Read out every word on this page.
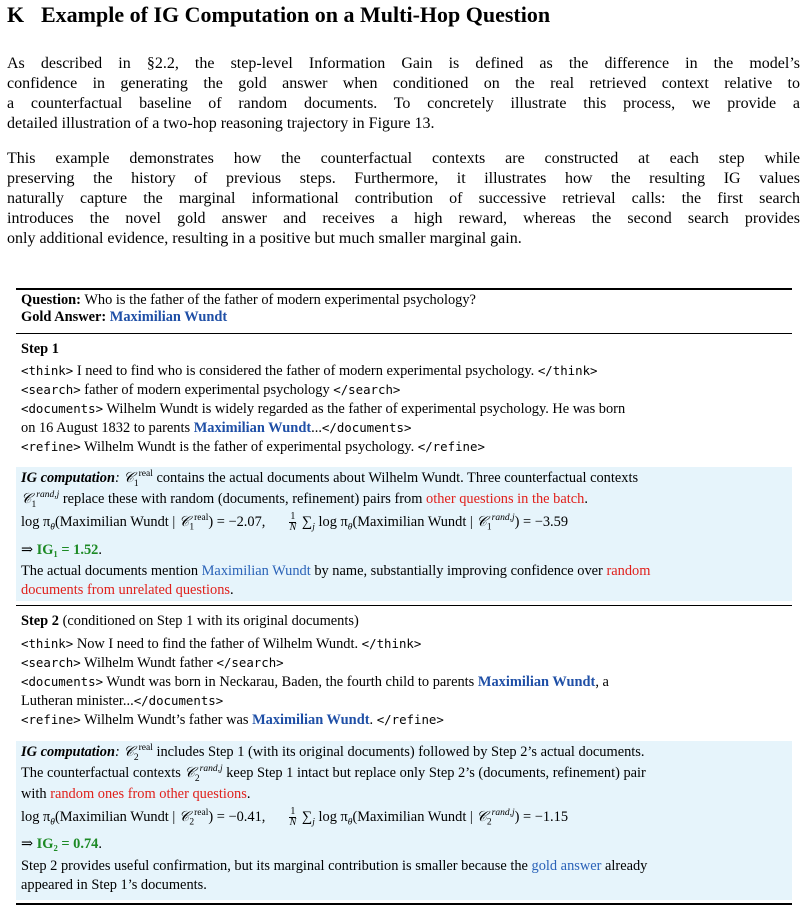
K Example of IG Computation on a Multi-Hop Question
As described in §2.2, the step-level Information Gain is defined as the difference in the model’s
confidence in generating the gold answer when conditioned on the real retrieved context relative to
a counterfactual baseline of random documents. To concretely illustrate this process, we provide a
detailed illustration of a two-hop reasoning trajectory in Figure 13.
This example demonstrates how the counterfactual contexts are constructed at each step while
preserving the history of previous steps. Furthermore, it illustrates how the resulting IG values
naturally capture the marginal informational contribution of successive retrieval calls: the first search
introduces the novel gold answer and receives a high reward, whereas the second search provides
only additional evidence, resulting in a positive but much smaller marginal gain.
Question: Who is the father of the father of modern experimental psychology?
Gold Answer: Maximilian Wundt
Step 1
<think> I need to find who is considered the father of modern experimental psychology. </think>
<search> father of modern experimental psychology </search>
<documents> Wilhelm Wundt is widely regarded as the father of experimental psychology. He was born
on 16 August 1832 to parents Maximilian Wundt...</documents>
<refine> Wilhelm Wundt is the father of experimental psychology. </refine>
IG computation: 𝒞$_1^{real}$ contains the actual documents about Wilhelm Wundt. Three counterfactual contexts
𝒞$_1^{rand,j}$ replace these with random (documents, refinement) pairs from other questions in the batch.
$\log \pi_\theta(Maximilian$ Wundt | 𝒞$_1^{real}$) = −2.07, $\frac{1}{N} \sum_j$ $\log \pi_\theta(Maximilian$ Wundt | 𝒞$_1^{rand,j}$) = −3.59
⇒ IG₁ = 1.52.
The actual documents mention Maximilian Wundt by name, substantially improving confidence over random
documents from unrelated questions.
Step 2 (conditioned on Step 1 with its original documents)
<think> Now I need to find the father of Wilhelm Wundt. </think>
<search> Wilhelm Wundt father </search>
<documents> Wundt was born in Neckarau, Baden, the fourth child to parents Maximilian Wundt, a
Lutheran minister...</documents>
<refine> Wilhelm Wundt’s father was Maximilian Wundt. </refine>
IG computation: 𝒞$_2^{real}$ includes Step 1 (with its original documents) followed by Step 2’s actual documents.
The counterfactual contexts 𝒞$_2^{rand,j}$ keep Step 1 intact but replace only Step 2’s (documents, refinement) pair
with random ones from other questions.
$\log \pi_\theta(Maximilian$ Wundt | 𝒞$_2^{real}$) = −0.41, $\frac{1}{N} \sum_j$ $\log \pi_\theta(Maximilian$ Wundt | 𝒞$_2^{rand,j}$) = −1.15
⇒ IG₂ = 0.74.
Step 2 provides useful confirmation, but its marginal contribution is smaller because the gold answer already
appeared in Step 1’s documents.
